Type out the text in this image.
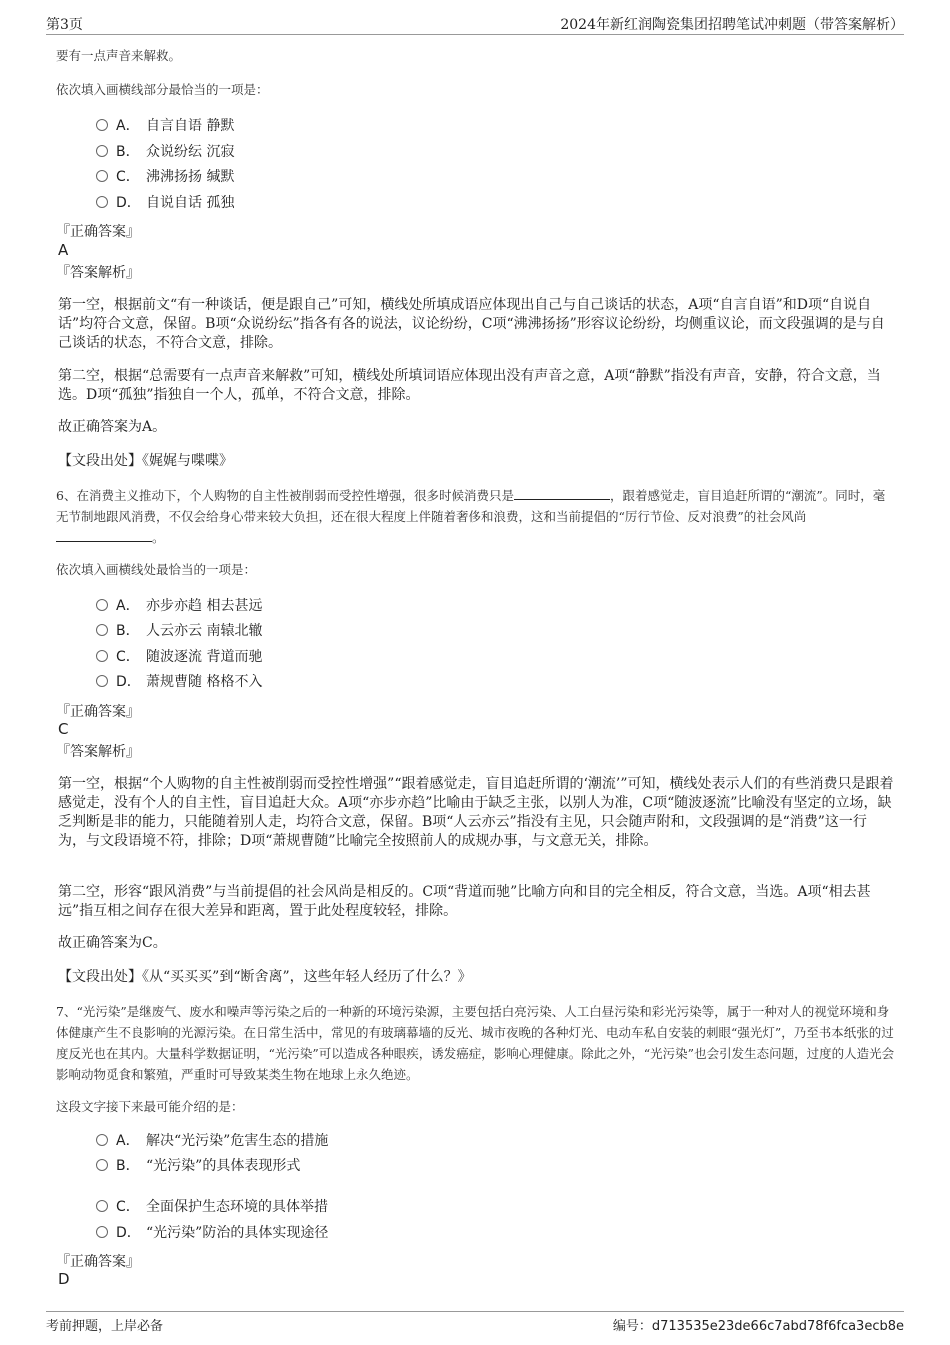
第3页	2024年新红润陶瓷集团招聘笔试冲刺题（带答案解析）
要有一点声音来解救。
依次填入画横线部分最恰当的一项是：
A． 自言自语 静默
B． 众说纷纭 沉寂
C． 沸沸扬扬 缄默
D． 自说自话 孤独
『正确答案』
A
『答案解析』
第一空，根据前文“有一种谈话，便是跟自己”可知，横线处所填成语应体现出自己与自己谈话的状态，A项“自言自语”和D项“自说自话”均符合文意，保留。B项“众说纷纭”指各有各的说法，议论纷纷，C项“沸沸扬扬”形容议论纷纷，均侧重议论，而文段强调的是与自己谈话的状态，不符合文意，排除。
第二空，根据“总需要有一点声音来解救”可知，横线处所填词语应体现出没有声音之意，A项“静默”指没有声音，安静，符合文意，当选。D项“孤独”指独自一个人，孤单，不符合文意，排除。
故正确答案为A。
【文段出处】《娓娓与喋喋》
6、在消费主义推动下，个人购物的自主性被削弱而受控性增强，很多时候消费只是	，跟着感觉走，盲目追赶所谓的“潮流”。同时，毫无节制地跟风消费，不仅会给身心带来较大负担，还在很大程度上伴随着奢侈和浪费，这和当前提倡的“厉行节俭、反对浪费”的社会风尚。
依次填入画横线处最恰当的一项是：
A． 亦步亦趋 相去甚远
B． 人云亦云 南辕北辙
C． 随波逐流 背道而驰
D． 萧规曹随 格格不入
『正确答案』
C
『答案解析』
第一空，根据“个人购物的自主性被削弱而受控性增强”“跟着感觉走，盲目追赶所谓的‘潮流’”可知，横线处表示人们的有些消费只是跟着感觉走，没有个人的自主性，盲目追赶大众。A项“亦步亦趋”比喻由于缺乏主张，以别人为准，C项“随波逐流”比喻没有坚定的立场，缺乏判断是非的能力，只能随着别人走，均符合文意，保留。B项“人云亦云”指没有主见，只会随声附和，文段强调的是“消费”这一行为，与文段语境不符，排除；D项“萧规曹随”比喻完全按照前人的成规办事，与文意无关，排除。
第二空，形容“跟风消费”与当前提倡的社会风尚是相反的。C项“背道而驰”比喻方向和目的完全相反，符合文意，当选。A项“相去甚远”指互相之间存在很大差异和距离，置于此处程度较轻，排除。
故正确答案为C。
【文段出处】《从“买买买”到“断舍离”，这些年轻人经历了什么？》
7、“光污染”是继废气、废水和噪声等污染之后的一种新的环境污染源，主要包括白亮污染、人工白昼污染和彩光污染等，属于一种对人的视觉环境和身体健康产生不良影响的光源污染。在日常生活中，常见的有玻璃幕墙的反光、城市夜晚的各种灯光、电动车私自安装的刺眼“强光灯”，乃至书本纸张的过度反光也在其内。大量科学数据证明，“光污染”可以造成各种眼疾，诱发癌症，影响心理健康。除此之外，“光污染”也会引发生态问题，过度的人造光会影响动物觅食和繁殖，严重时可导致某类生物在地球上永久绝迹。
这段文字接下来最可能介绍的是：
A． 解决“光污染”危害生态的措施
B． “光污染”的具体表现形式
C． 全面保护生态环境的具体举措
D． “光污染”防治的具体实现途径
『正确答案』
D
考前押题，上岸必备	编号：d713535e23de66c7abd78f6fca3ecb8e
